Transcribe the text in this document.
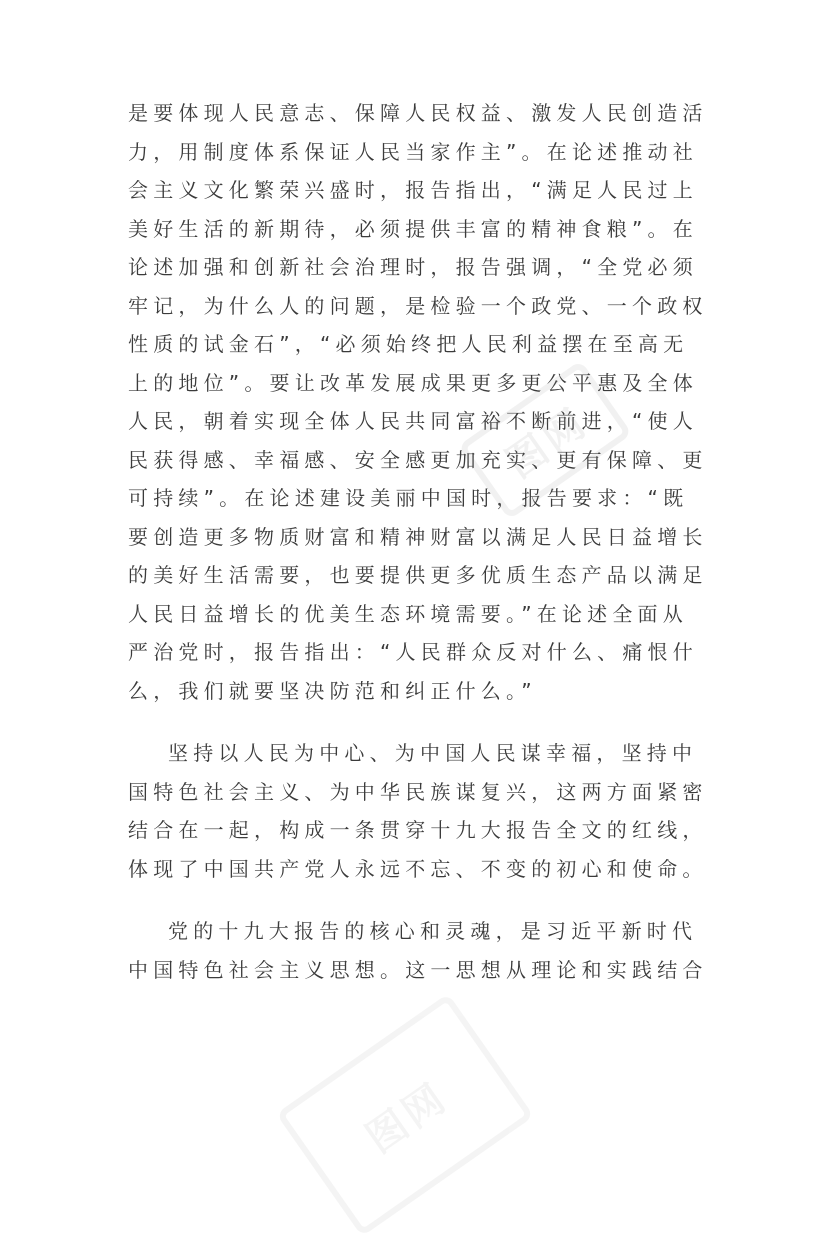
是要体现人民意志、保障人民权益、激发人民创造活
力，用制度体系保证人民当家作主”。在论述推动社
会主义文化繁荣兴盛时，报告指出，“满足人民过上
美好生活的新期待，必须提供丰富的精神食粮”。在
论述加强和创新社会治理时，报告强调，“全党必须
牢记，为什么人的问题，是检验一个政党、一个政权
性质的试金石”，“必须始终把人民利益摆在至高无
上的地位”。要让改革发展成果更多更公平惠及全体
人民，朝着实现全体人民共同富裕不断前进，“使人
民获得感、幸福感、安全感更加充实、更有保障、更
可持续”。在论述建设美丽中国时，报告要求：“既
要创造更多物质财富和精神财富以满足人民日益增长
的美好生活需要，也要提供更多优质生态产品以满足
人民日益增长的优美生态环境需要。”在论述全面从
严治党时，报告指出：“人民群众反对什么、痛恨什
么，我们就要坚决防范和纠正什么。”

坚持以人民为中心、为中国人民谋幸福，坚持中
国特色社会主义、为中华民族谋复兴，这两方面紧密
结合在一起，构成一条贯穿十九大报告全文的红线，
体现了中国共产党人永远不忘、不变的初心和使命。

党的十九大报告的核心和灵魂，是习近平新时代
中国特色社会主义思想。这一思想从理论和实践结合

图网
图网
